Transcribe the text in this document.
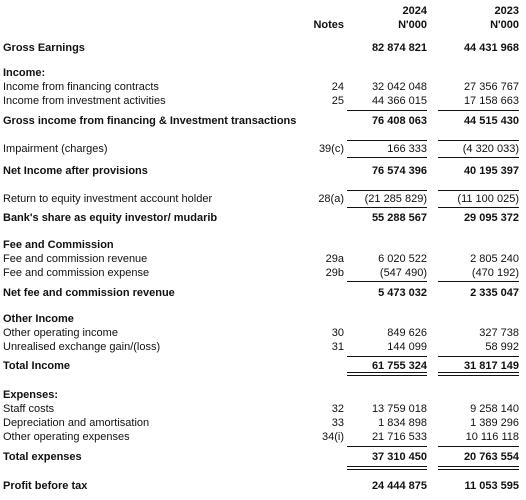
2024	2023
Notes	N'000	N'000
Gross Earnings	82 874 821	44 431 968
Income:
Income from financing contracts	24	32 042 048	27 356 767
Income from investment activities	25	44 366 015	17 158 663
Gross income from financing & Investment transactions	76 408 063	44 515 430
Impairment (charges)	39(c)	166 333	(4 320 033)
Net Income after provisions	76 574 396	40 195 397
Return to equity investment account holder	28(a) (21 285 829)	(11 100 025)
Bank's share as equity investor/ mudarib	55 288 567	29 095 372
Fee and Commission
Fee and commission revenue	29a	6 020 522	2 805 240
Fee and commission expense	29b	(547 490)	(470 192)
Net fee and commission revenue	5 473 032	2 335 047
Other Income
Other operating income	30	849 626	327 738
Unrealised exchange gain/(loss)	31	144 099	58 992
Total Income	61 755 324	31 817 149
Expenses:
Staff costs	32	13 759 018	9 258 140
Depreciation and amortisation	33	1 834 898	1 389 296
Other operating expenses	34(i)	21 716 533	10 116 118
Total expenses	37 310 450	20 763 554
Profit before tax	24 444 875	11 053 595
